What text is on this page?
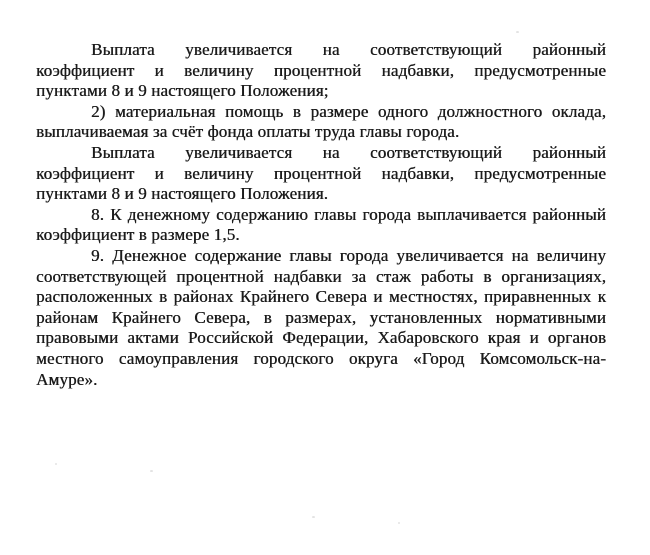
Выплата увеличивается на соответствующий районный
коэффициент и величину процентной надбавки, предусмотренные
пунктами 8 и 9 настоящего Положения;
2) материальная помощь в размере одного должностного оклада,
выплачиваемая за счёт фонда оплаты труда главы города.
Выплата увеличивается на соответствующий районный
коэффициент и величину процентной надбавки, предусмотренные
пунктами 8 и 9 настоящего Положения.
8. К денежному содержанию главы города выплачивается районный
коэффициент в размере 1,5.
9. Денежное содержание главы города увеличивается на величину
соответствующей процентной надбавки за стаж работы в организациях,
расположенных в районах Крайнего Севера и местностях, приравненных к
районам Крайнего Севера, в размерах, установленных нормативными
правовыми актами Российской Федерации, Хабаровского края и органов
местного самоуправления городского округа «Город Комсомольск-на-
Амуре».
